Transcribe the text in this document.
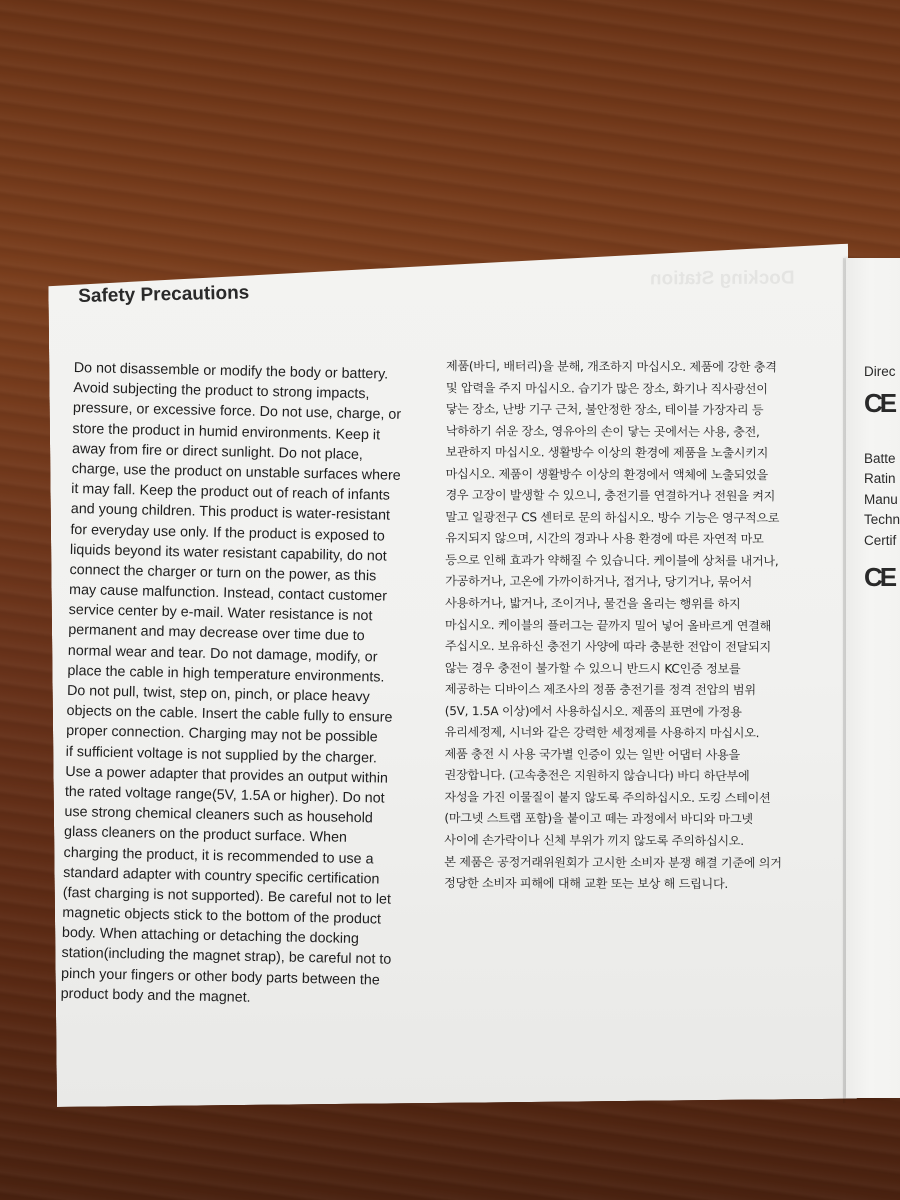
Docking Station
Safety Precautions
Do not disassemble or modify the body or battery.
Avoid subjecting the product to strong impacts,
pressure, or excessive force. Do not use, charge, or
store the product in humid environments. Keep it
away from fire or direct sunlight. Do not place,
charge, use the product on unstable surfaces where
it may fall. Keep the product out of reach of infants
and young children. This product is water-resistant
for everyday use only. If the product is exposed to
liquids beyond its water resistant capability, do not
connect the charger or turn on the power, as this
may cause malfunction. Instead, contact customer
service center by e-mail. Water resistance is not
permanent and may decrease over time due to
normal wear and tear. Do not damage, modify, or
place the cable in high temperature environments.
Do not pull, twist, step on, pinch, or place heavy
objects on the cable. Insert the cable fully to ensure
proper connection. Charging may not be possible
if sufficient voltage is not supplied by the charger.
Use a power adapter that provides an output within
the rated voltage range(5V, 1.5A or higher). Do not
use strong chemical cleaners such as household
glass cleaners on the product surface. When
charging the product, it is recommended to use a
standard adapter with country specific certification
(fast charging is not supported). Be careful not to let
magnetic objects stick to the bottom of the product
body. When attaching or detaching the docking
station(including the magnet strap), be careful not to
pinch your fingers or other body parts between the
product body and the magnet.
제품(바디, 배터리)을 분해, 개조하지 마십시오. 제품에 강한 충격
및 압력을 주지 마십시오. 습기가 많은 장소, 화기나 직사광선이
닿는 장소, 난방 기구 근처, 불안정한 장소, 테이블 가장자리 등
낙하하기 쉬운 장소, 영유아의 손이 닿는 곳에서는 사용, 충전,
보관하지 마십시오. 생활방수 이상의 환경에 제품을 노출시키지
마십시오. 제품이 생활방수 이상의 환경에서 액체에 노출되었을
경우 고장이 발생할 수 있으니, 충전기를 연결하거나 전원을 켜지
말고 일광전구 CS 센터로 문의 하십시오. 방수 기능은 영구적으로
유지되지 않으며, 시간의 경과나 사용 환경에 따른 자연적 마모
등으로 인해 효과가 약해질 수 있습니다. 케이블에 상처를 내거나,
가공하거나, 고온에 가까이하거나, 접거나, 당기거나, 묶어서
사용하거나, 밟거나, 조이거나, 물건을 올리는 행위를 하지
마십시오. 케이블의 플러그는 끝까지 밀어 넣어 올바르게 연결해
주십시오. 보유하신 충전기 사양에 따라 충분한 전압이 전달되지
않는 경우 충전이 불가할 수 있으니 반드시 KC인증 정보를
제공하는 디바이스 제조사의 정품 충전기를 정격 전압의 범위
(5V, 1.5A 이상)에서 사용하십시오. 제품의 표면에 가정용
유리세정제, 시너와 같은 강력한 세정제를 사용하지 마십시오.
제품 충전 시 사용 국가별 인증이 있는 일반 어댑터 사용을
권장합니다. (고속충전은 지원하지 않습니다) 바디 하단부에
자성을 가진 이물질이 붙지 않도록 주의하십시오. 도킹 스테이션
(마그넷 스트랩 포함)을 붙이고 떼는 과정에서 바디와 마그넷
사이에 손가락이나 신체 부위가 끼지 않도록 주의하십시오.
본 제품은 공정거래위원회가 고시한 소비자 분쟁 해결 기준에 의거
정당한 소비자 피해에 대해 교환 또는 보상 해 드립니다.
Direc
CE
Batte
Ratin
Manu
Techn
Certif
CE
